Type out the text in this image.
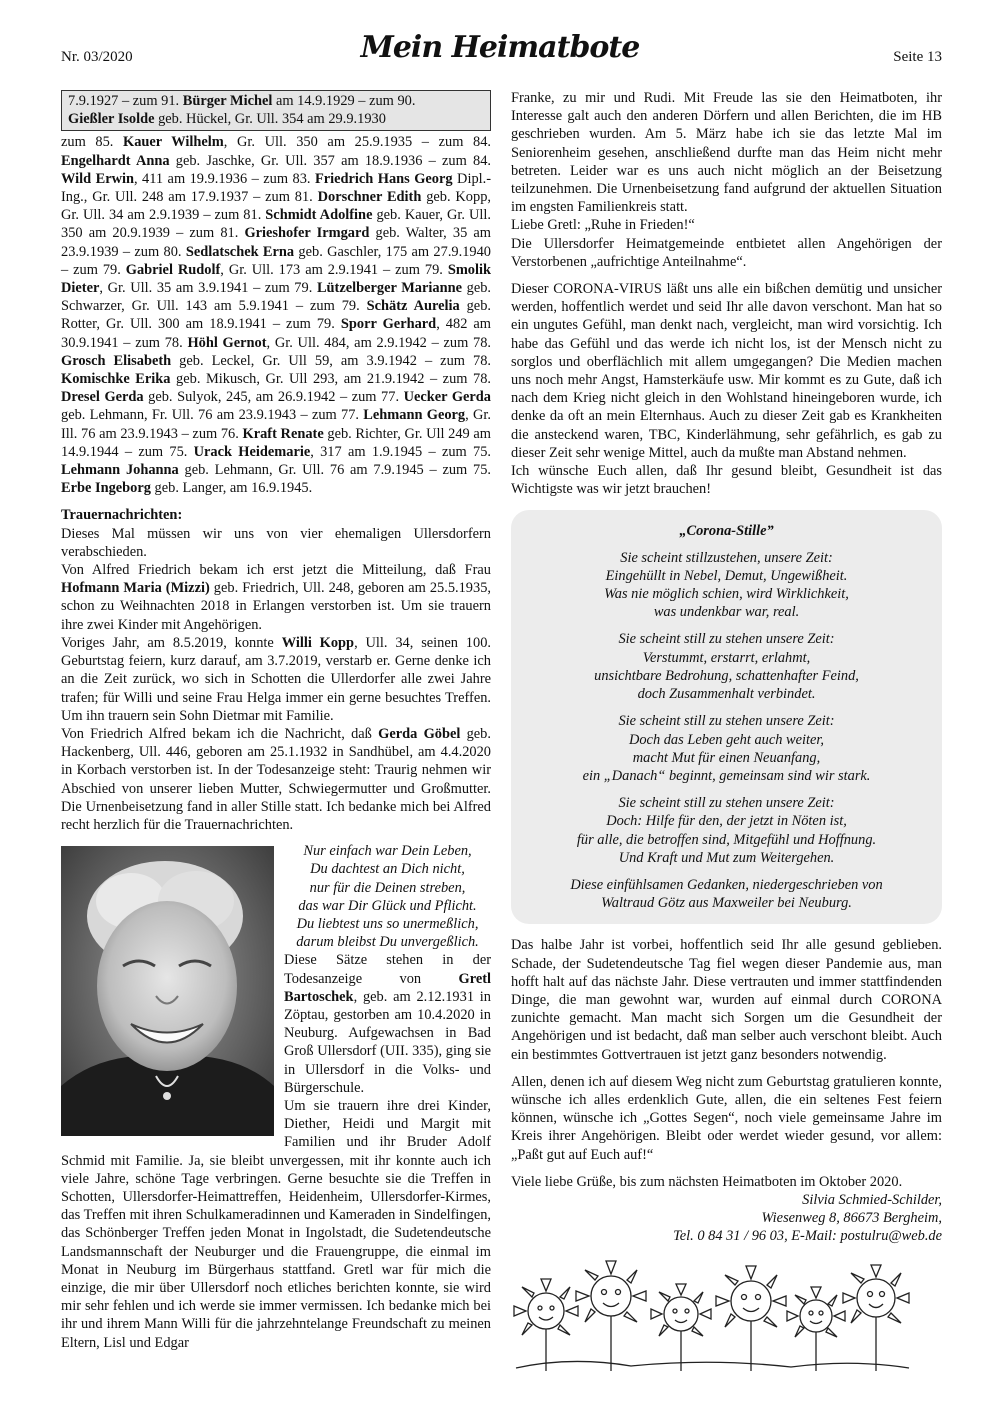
Nr. 03/2020	Mein Heimatbote	Seite 13
7.9.1927 – zum 91. Bürger Michel am 14.9.1929 – zum 90.
Gießler Isolde geb. Hückel, Gr. Ull. 354 am 29.9.1930

zum 85. Kauer Wilhelm, Gr. Ull. 350 am 25.9.1935 – zum 84. Engelhardt Anna geb. Jaschke, Gr. Ull. 357 am 18.9.1936 – zum 84. Wild Erwin, 411 am 19.9.1936 – zum 83. Friedrich Hans Georg Dipl.-Ing., Gr. Ull. 248 am 17.9.1937 – zum 81. Dorschner Edith geb. Kopp, Gr. Ull. 34 am 2.9.1939 – zum 81. Schmidt Adolfine geb. Kauer, Gr. Ull. 350 am 20.9.1939 – zum 81. Grieshofer Irmgard geb. Walter, 35 am 23.9.1939 – zum 80. Sedlatschek Erna geb. Gaschler, 175 am 27.9.1940 – zum 79. Gabriel Rudolf, Gr. Ull. 173 am 2.9.1941 – zum 79. Smolik Dieter, Gr. Ull. 35 am 3.9.1941 – zum 79. Lützelberger Marianne geb. Schwarzer, Gr. Ull. 143 am 5.9.1941 – zum 79. Schätz Aurelia geb. Rotter, Gr. Ull. 300 am 18.9.1941 – zum 79. Sporr Gerhard, 482 am 30.9.1941 – zum 78. Höhl Gernot, Gr. Ull. 484, am 2.9.1942 – zum 78. Grosch Elisabeth geb. Leckel, Gr. Ull 59, am 3.9.1942 – zum 78. Komischke Erika geb. Mikusch, Gr. Ull 293, am 21.9.1942 – zum 78. Dresel Gerda geb. Sulyok, 245, am 26.9.1942 – zum 77. Uecker Gerda geb. Lehmann, Fr. Ull. 76 am 23.9.1943 – zum 77. Lehmann Georg, Gr. Ill. 76 am 23.9.1943 – zum 76. Kraft Renate geb. Richter, Gr. Ull 249 am 14.9.1944 – zum 75. Urack Heidemarie, 317 am 1.9.1945 – zum 75. Lehmann Johanna geb. Lehmann, Gr. Ull. 76 am 7.9.1945 – zum 75. Erbe Ingeborg geb. Langer, am 16.9.1945.

Trauernachrichten:

Dieses Mal müssen wir uns von vier ehemaligen Ullersdorfern verabschieden.

Von Alfred Friedrich bekam ich erst jetzt die Mitteilung, daß Frau Hofmann Maria (Mizzi) geb. Friedrich, Ull. 248, geboren am 25.5.1935, schon zu Weihnachten 2018 in Erlangen verstorben ist. Um sie trauern ihre zwei Kinder mit Angehörigen.

Voriges Jahr, am 8.5.2019, konnte Willi Kopp, Ull. 34, seinen 100. Geburtstag feiern, kurz darauf, am 3.7.2019, verstarb er. Gerne denke ich an die Zeit zurück, wo sich in Schotten die Ullerdorfer alle zwei Jahre trafen; für Willi und seine Frau Helga immer ein gerne besuchtes Treffen. Um ihn trauern sein Sohn Dietmar mit Familie.

Von Friedrich Alfred bekam ich die Nachricht, daß Gerda Göbel geb. Hackenberg, Ull. 446, geboren am 25.1.1932 in Sandhübel, am 4.4.2020 in Korbach verstorben ist. In der Todesanzeige steht: Traurig nehmen wir Abschied von unserer lieben Mutter, Schwiegermutter und Großmutter. Die Urnenbeisetzung fand in aller Stille statt. Ich bedanke mich bei Alfred recht herzlich für die Trauernachrichten.

Nur einfach war Dein Leben,
Du dachtest an Dich nicht,
nur für die Deinen streben,
das war Dir Glück und Pflicht.
Du liebtest uns so unermeßlich,
darum bleibst Du unvergeßlich.

Diese Sätze stehen in der Todesanzeige von Gretl Bartoschek, geb. am 2.12.1931 in Zöptau, gestorben am 10.4.2020 in Neuburg. Aufgewachsen in Bad Groß Ullersdorf (UII. 335), ging sie in Ullersdorf in die Volks- und Bürgerschule.

Um sie trauern ihre drei Kinder, Diether, Heidi und Margit mit Familien und ihr Bruder Adolf Schmid mit Familie. Ja, sie bleibt unvergessen, mit ihr konnte auch ich viele Jahre, schöne Tage verbringen. Gerne besuchte sie die Treffen in Schotten, Ullersdorfer-Heimattreffen, Heidenheim, Ullersdorfer-Kirmes, das Treffen mit ihren Schulkameradinnen und Kameraden in Sindelfingen, das Schönberger Treffen jeden Monat in Ingolstadt, die Sudetendeutsche Landsmannschaft der Neuburger und die Frauengruppe, die einmal im Monat in Neuburg im Bürgerhaus stattfand. Gretl war für mich die einzige, die mir über Ullersdorf noch etliches berichten konnte, sie wird mir sehr fehlen und ich werde sie immer vermissen. Ich bedanke mich bei ihr und ihrem Mann Willi für die jahrzehntelange Freundschaft zu meinen Eltern, Lisl und Edgar

Franke, zu mir und Rudi. Mit Freude las sie den Heimatboten, ihr Interesse galt auch den anderen Dörfern und allen Berichten, die im HB geschrieben wurden. Am 5. März habe ich sie das letzte Mal im Seniorenheim gesehen, anschließend durfte man das Heim nicht mehr betreten. Leider war es uns auch nicht möglich an der Beisetzung teilzunehmen. Die Urnenbeisetzung fand aufgrund der aktuellen Situation im engsten Familienkreis statt.

Liebe Gretl: „Ruhe in Frieden!“

Die Ullersdorfer Heimatgemeinde entbietet allen Angehörigen der Verstorbenen „aufrichtige Anteilnahme“.

Dieser CORONA-VIRUS läßt uns alle ein bißchen demütig und unsicher werden, hoffentlich werdet und seid Ihr alle davon verschont. Man hat so ein ungutes Gefühl, man denkt nach, vergleicht, man wird vorsichtig. Ich habe das Gefühl und das werde ich nicht los, ist der Mensch nicht zu sorglos und oberflächlich mit allem umgegangen? Die Medien machen uns noch mehr Angst, Hamsterkäufe usw. Mir kommt es zu Gute, daß ich nach dem Krieg nicht gleich in den Wohlstand hineingeboren wurde, ich denke da oft an mein Elternhaus. Auch zu dieser Zeit gab es Krankheiten die ansteckend waren, TBC, Kinderlähmung, sehr gefährlich, es gab zu dieser Zeit sehr wenige Mittel, auch da mußte man Abstand nehmen.

Ich wünsche Euch allen, daß Ihr gesund bleibt, Gesundheit ist das Wichtigste was wir jetzt brauchen!

„Corona-Stille”
Sie scheint stillzustehen, unsere Zeit:
Eingehüllt in Nebel, Demut, Ungewißheit.
Was nie möglich schien, wird Wirklichkeit,
was undenkbar war, real.
Sie scheint still zu stehen unsere Zeit:
Verstummt, erstarrt, erlahmt,
unsichtbare Bedrohung, schattenhafter Feind,
doch Zusammenhalt verbindet.
Sie scheint still zu stehen unsere Zeit:
Doch das Leben geht auch weiter,
macht Mut für einen Neuanfang,
ein „Danach“ beginnt, gemeinsam sind wir stark.
Sie scheint still zu stehen unsere Zeit:
Doch: Hilfe für den, der jetzt in Nöten ist,
für alle, die betroffen sind, Mitgefühl und Hoffnung.
Und Kraft und Mut zum Weitergehen.
Diese einfühlsamen Gedanken, niedergeschrieben von
Waltraud Götz aus Maxweiler bei Neuburg.

Das halbe Jahr ist vorbei, hoffentlich seid Ihr alle gesund geblieben. Schade, der Sudetendeutsche Tag fiel wegen dieser Pandemie aus, man hofft halt auf das nächste Jahr. Diese vertrauten und immer stattfindenden Dinge, die man gewohnt war, wurden auf einmal durch CORONA zunichte gemacht. Man macht sich Sorgen um die Gesundheit der Angehörigen und ist bedacht, daß man selber auch verschont bleibt. Auch ein bestimmtes Gottvertrauen ist jetzt ganz besonders notwendig.

Allen, denen ich auf diesem Weg nicht zum Geburtstag gratulieren konnte, wünsche ich alles erdenklich Gute, allen, die ein seltenes Fest feiern können, wünsche ich „Gottes Segen“, noch viele gemeinsame Jahre im Kreis ihrer Angehörigen. Bleibt oder werdet wieder gesund, vor allem: „Paßt gut auf Euch auf!“

Viele liebe Grüße, bis zum nächsten Heimatboten im Oktober 2020.

Silvia Schmied-Schilder,
Wiesenweg 8, 86673 Bergheim,
Tel. 0 84 31 / 96 03, E-Mail: postulru@web.de
